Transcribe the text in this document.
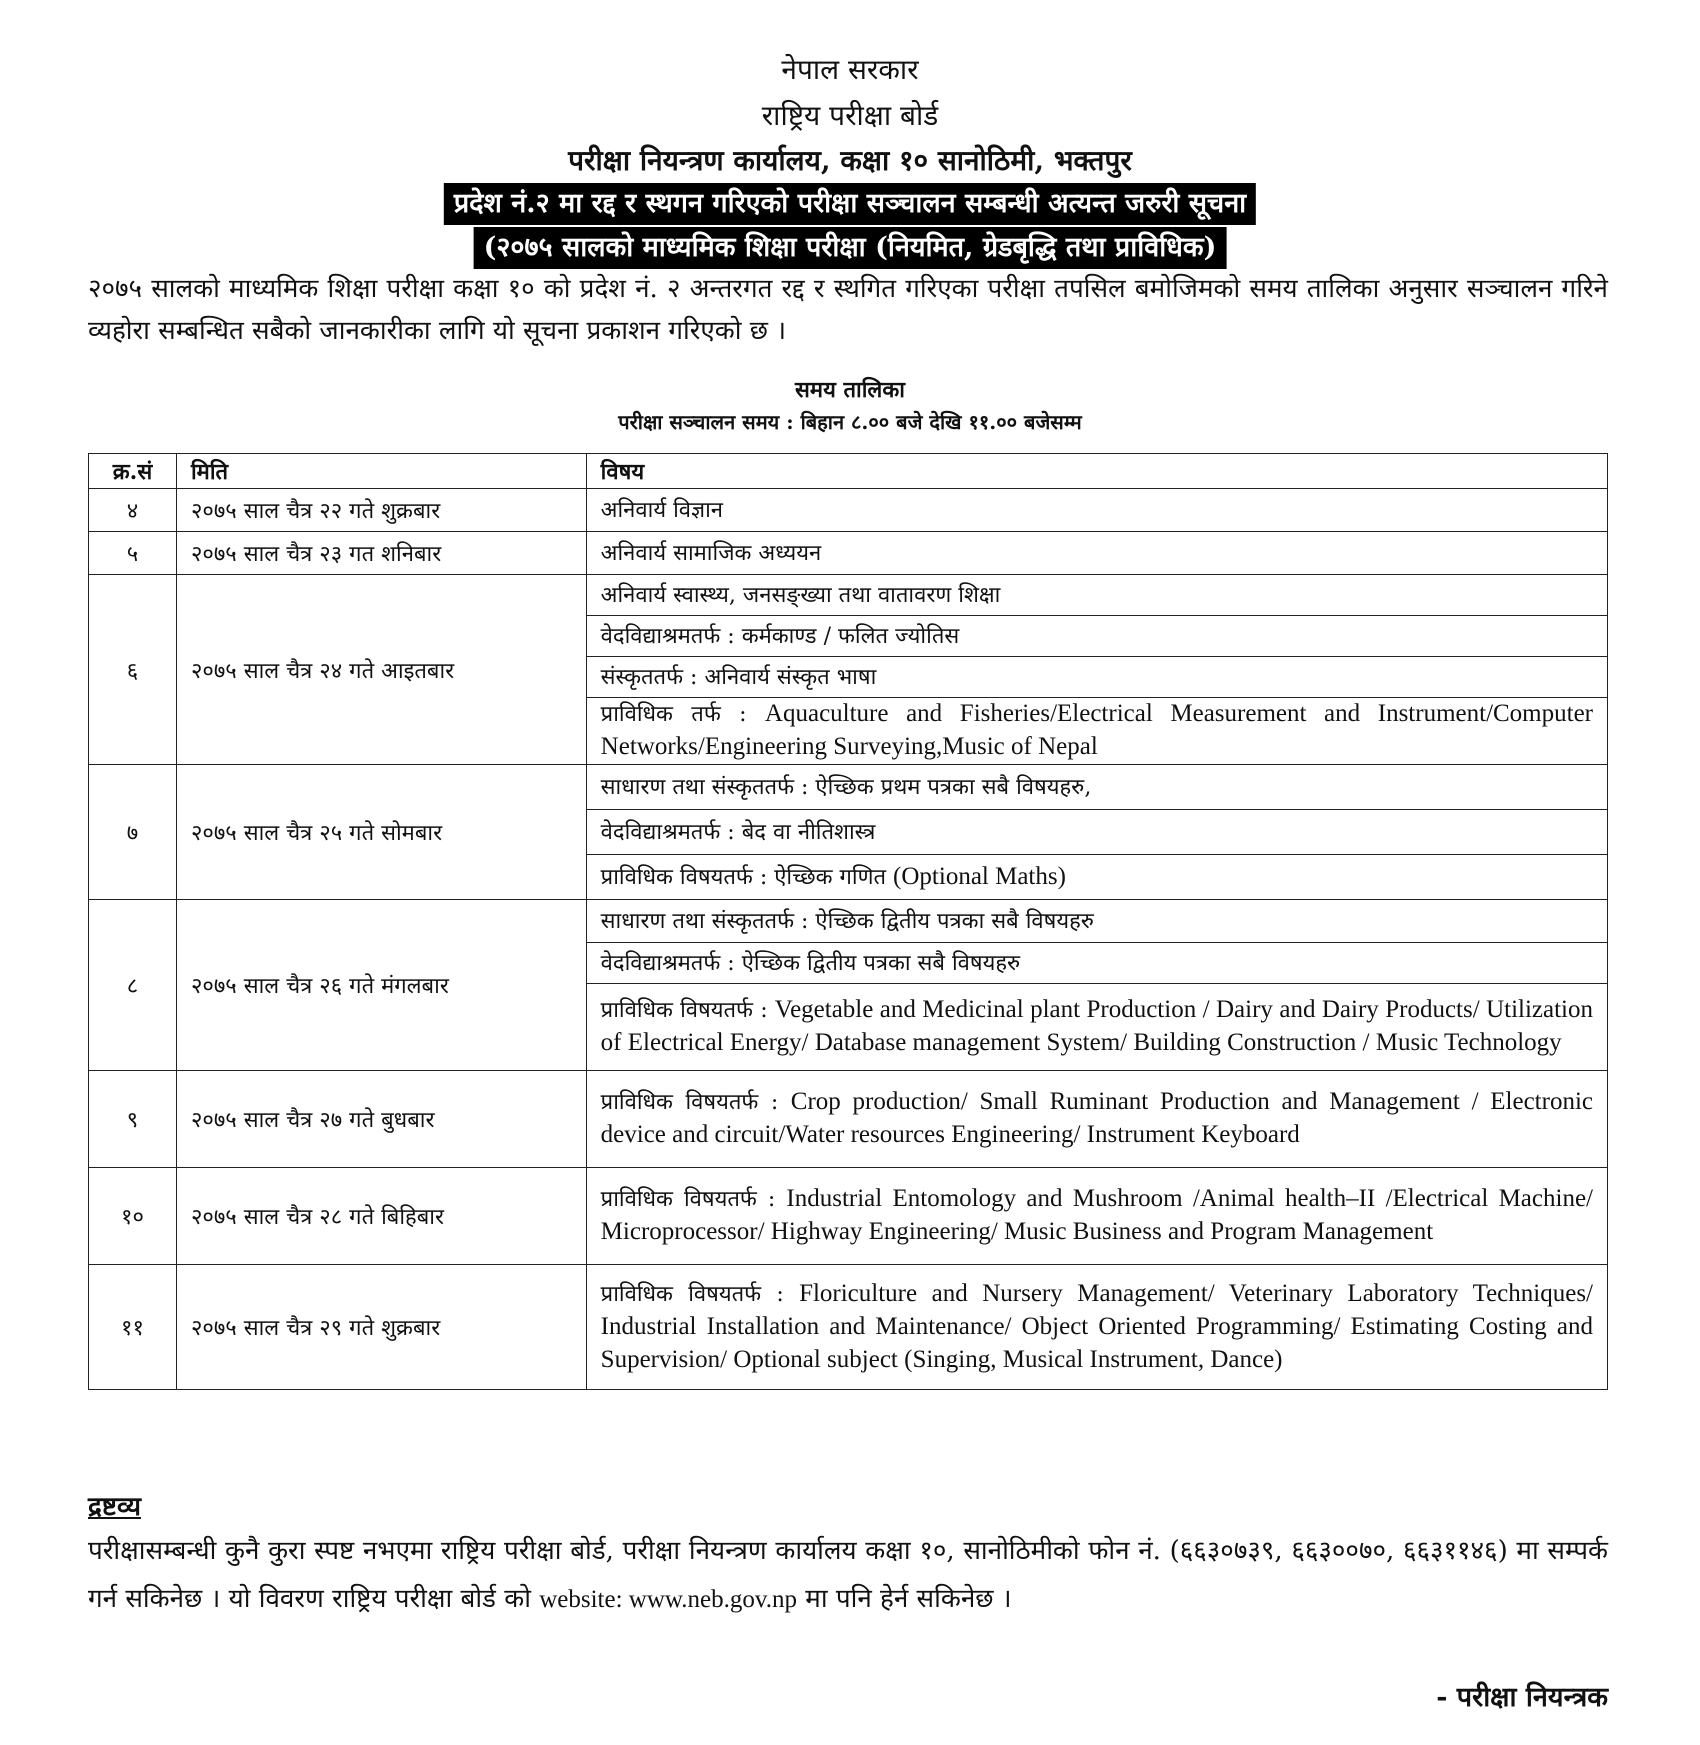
नेपाल सरकार
राष्ट्रिय परीक्षा बोर्ड
परीक्षा नियन्त्रण कार्यालय, कक्षा १० सानोठिमी, भक्तपुर
प्रदेश नं.२ मा रद्द र स्थगन गरिएको परीक्षा सञ्चालन सम्बन्धी अत्यन्त जरुरी सूचना
(२०७५ सालको माध्यमिक शिक्षा परीक्षा (नियमित, ग्रेडबृद्धि तथा प्राविधिक)
२०७५ सालको माध्यमिक शिक्षा परीक्षा कक्षा १० को प्रदेश नं. २ अन्तरगत रद्द र स्थगित गरिएका परीक्षा तपसिल बमोजिमको समय तालिका अनुसार सञ्चालन गरिने व्यहोरा सम्बन्धित सबैको जानकारीका लागि यो सूचना प्रकाशन गरिएको छ ।
समय तालिका
परीक्षा सञ्चालन समय : बिहान ८.०० बजे देखि ११.०० बजेसम्म
क्र.सं	मिति	विषय
४	२०७५ साल चैत्र २२ गते शुक्रबार	अनिवार्य विज्ञान
५	२०७५ साल चैत्र २३ गत शनिबार	अनिवार्य सामाजिक अध्ययन
६	२०७५ साल चैत्र २४ गते आइतबार	अनिवार्य स्वास्थ्य, जनसङ्ख्या तथा वातावरण शिक्षा
		वेदविद्याश्रमतर्फ : कर्मकाण्ड / फलित ज्योतिस
		संस्कृततर्फ : अनिवार्य संस्कृत भाषा
		प्राविधिक तर्फ : Aquaculture and Fisheries/Electrical Measurement and Instrument/Computer Networks/Engineering Surveying,Music of Nepal
७	२०७५ साल चैत्र २५ गते सोमबार	साधारण तथा संस्कृततर्फ : ऐच्छिक प्रथम पत्रका सबै विषयहरु,
		वेदविद्याश्रमतर्फ : बेद वा नीतिशास्त्र
		प्राविधिक विषयतर्फ : ऐच्छिक गणित (Optional Maths)
८	२०७५ साल चैत्र २६ गते मंगलबार	साधारण तथा संस्कृततर्फ : ऐच्छिक द्वितीय पत्रका सबै विषयहरु
		वेदविद्याश्रमतर्फ : ऐच्छिक द्वितीय पत्रका सबै विषयहरु
		प्राविधिक विषयतर्फ : Vegetable and Medicinal plant Production / Dairy and Dairy Products/ Utilization of Electrical Energy/ Database management System/ Building Construction / Music Technology
९	२०७५ साल चैत्र २७ गते बुधबार	प्राविधिक विषयतर्फ : Crop production/ Small Ruminant Production and Management / Electronic device and circuit/Water resources Engineering/ Instrument Keyboard
१०	२०७५ साल चैत्र २८ गते बिहिबार	प्राविधिक विषयतर्फ : Industrial Entomology and Mushroom /Animal health–II /Electrical Machine/ Microprocessor/ Highway Engineering/ Music Business and Program Management
११	२०७५ साल चैत्र २९ गते शुक्रबार	प्राविधिक विषयतर्फ : Floriculture and Nursery Management/ Veterinary Laboratory Techniques/ Industrial Installation and Maintenance/ Object Oriented Programming/ Estimating Costing and Supervision/ Optional subject (Singing, Musical Instrument, Dance)
द्रष्टव्य
परीक्षासम्बन्धी कुनै कुरा स्पष्ट नभएमा राष्ट्रिय परीक्षा बोर्ड, परीक्षा नियन्त्रण कार्यालय कक्षा १०, सानोठिमीको फोन नं. (६६३०७३९, ६६३००७०, ६६३११४६) मा सम्पर्क गर्न सकिनेछ । यो विवरण राष्ट्रिय परीक्षा बोर्ड को website: www.neb.gov.np मा पनि हेर्न सकिनेछ ।
- परीक्षा नियन्त्रक
